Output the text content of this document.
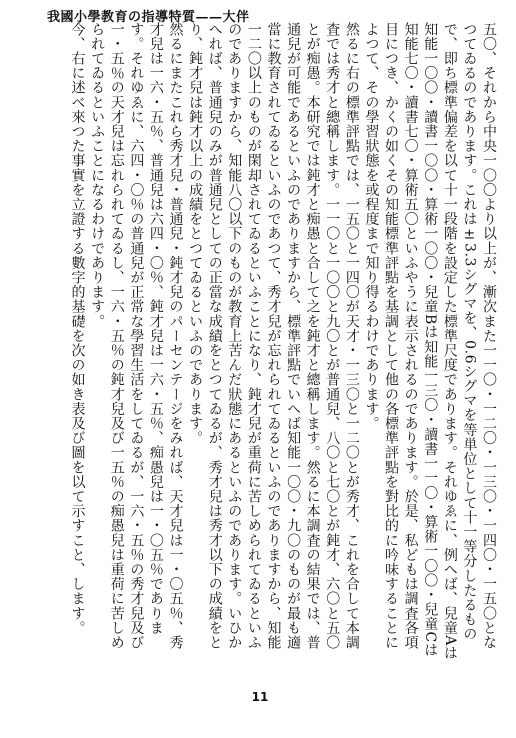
我國小學教育の指導特質——大伴

五〇、それから中央一〇〇より以上が、漸次また一一〇・一二〇・一三〇・一四〇・一五〇となつてゐるのであります。これは±3.3シグマを、0.6シグマを等単位として十一等分したるもので、即ち標準偏差を以て十一段階を設定した標準尺度であります。それゆゑに、例へば、兒童Aは知能一〇〇・讀書一〇〇・算術一〇〇・兒童Bは知能一三〇・讀書一一〇・算術一〇〇・兒童Cは知能七〇・讀書七〇・算術五〇といふやうに表示されるのであります。於是、私どもは調査各項目につき、かくの如くその知能標準評點を基調として他の各標準評點を對比的に吟味することによつて、その學習狀態を或程度まで知り得るわけであります。

然るに右の標準評點では、一五〇と一四〇が天才・一三〇と一二〇とが秀才、これを合して本調査では秀才と總稱します。一一〇と一〇〇と九〇とが普通兒、八〇と七〇とが鈍才、六〇と五〇とが痴愚。本研究では鈍才と痴愚と合して之を鈍才と總稱します。然るに本調査の結果では、普通兒が可能であるといふのでありますから、標準評點でいへば知能一〇〇・九〇のものが最も適當に教育されてゐるといふのであつて、秀才兒が忘れられてゐるといふのでありますから、知能一二〇以上のものが閑却されてゐるといふことになり、鈍才兒が重荷に苦しめられてゐるといふのでありますから、知能八〇以下のものが教育上苦んだ狀態にあるといふのであります。いひかへれば、普通兒のみが普通兒としての正當な成績をとつてゐるが、秀才兒は秀才以下の成績をとり、鈍才兒は鈍才以上の成績をとつてゐるといふのであります。

然るにまたこれら秀才兒・普通兒・鈍才兒のパーセンテージをみれば、天才兒は一・〇五％、秀才兒は一六・五％、普通兒は六四・〇％、鈍才兒は一六・五％、痴愚兒は一・〇五％であります。それゆゑに、六四・〇％の普通兒が正常な學習生活をしてゐるが、一六・五％の秀才兒及び一・五％の天才兒は忘れられてゐるし、一六・五％の鈍才兒及び一五％の痴愚兒は重荷に苦しめられてゐるといふことになるわけであります。

今、右に述べ來つた事實を立證する數字的基礎を次の如き表及び圖を以て示すこと、します。

11
